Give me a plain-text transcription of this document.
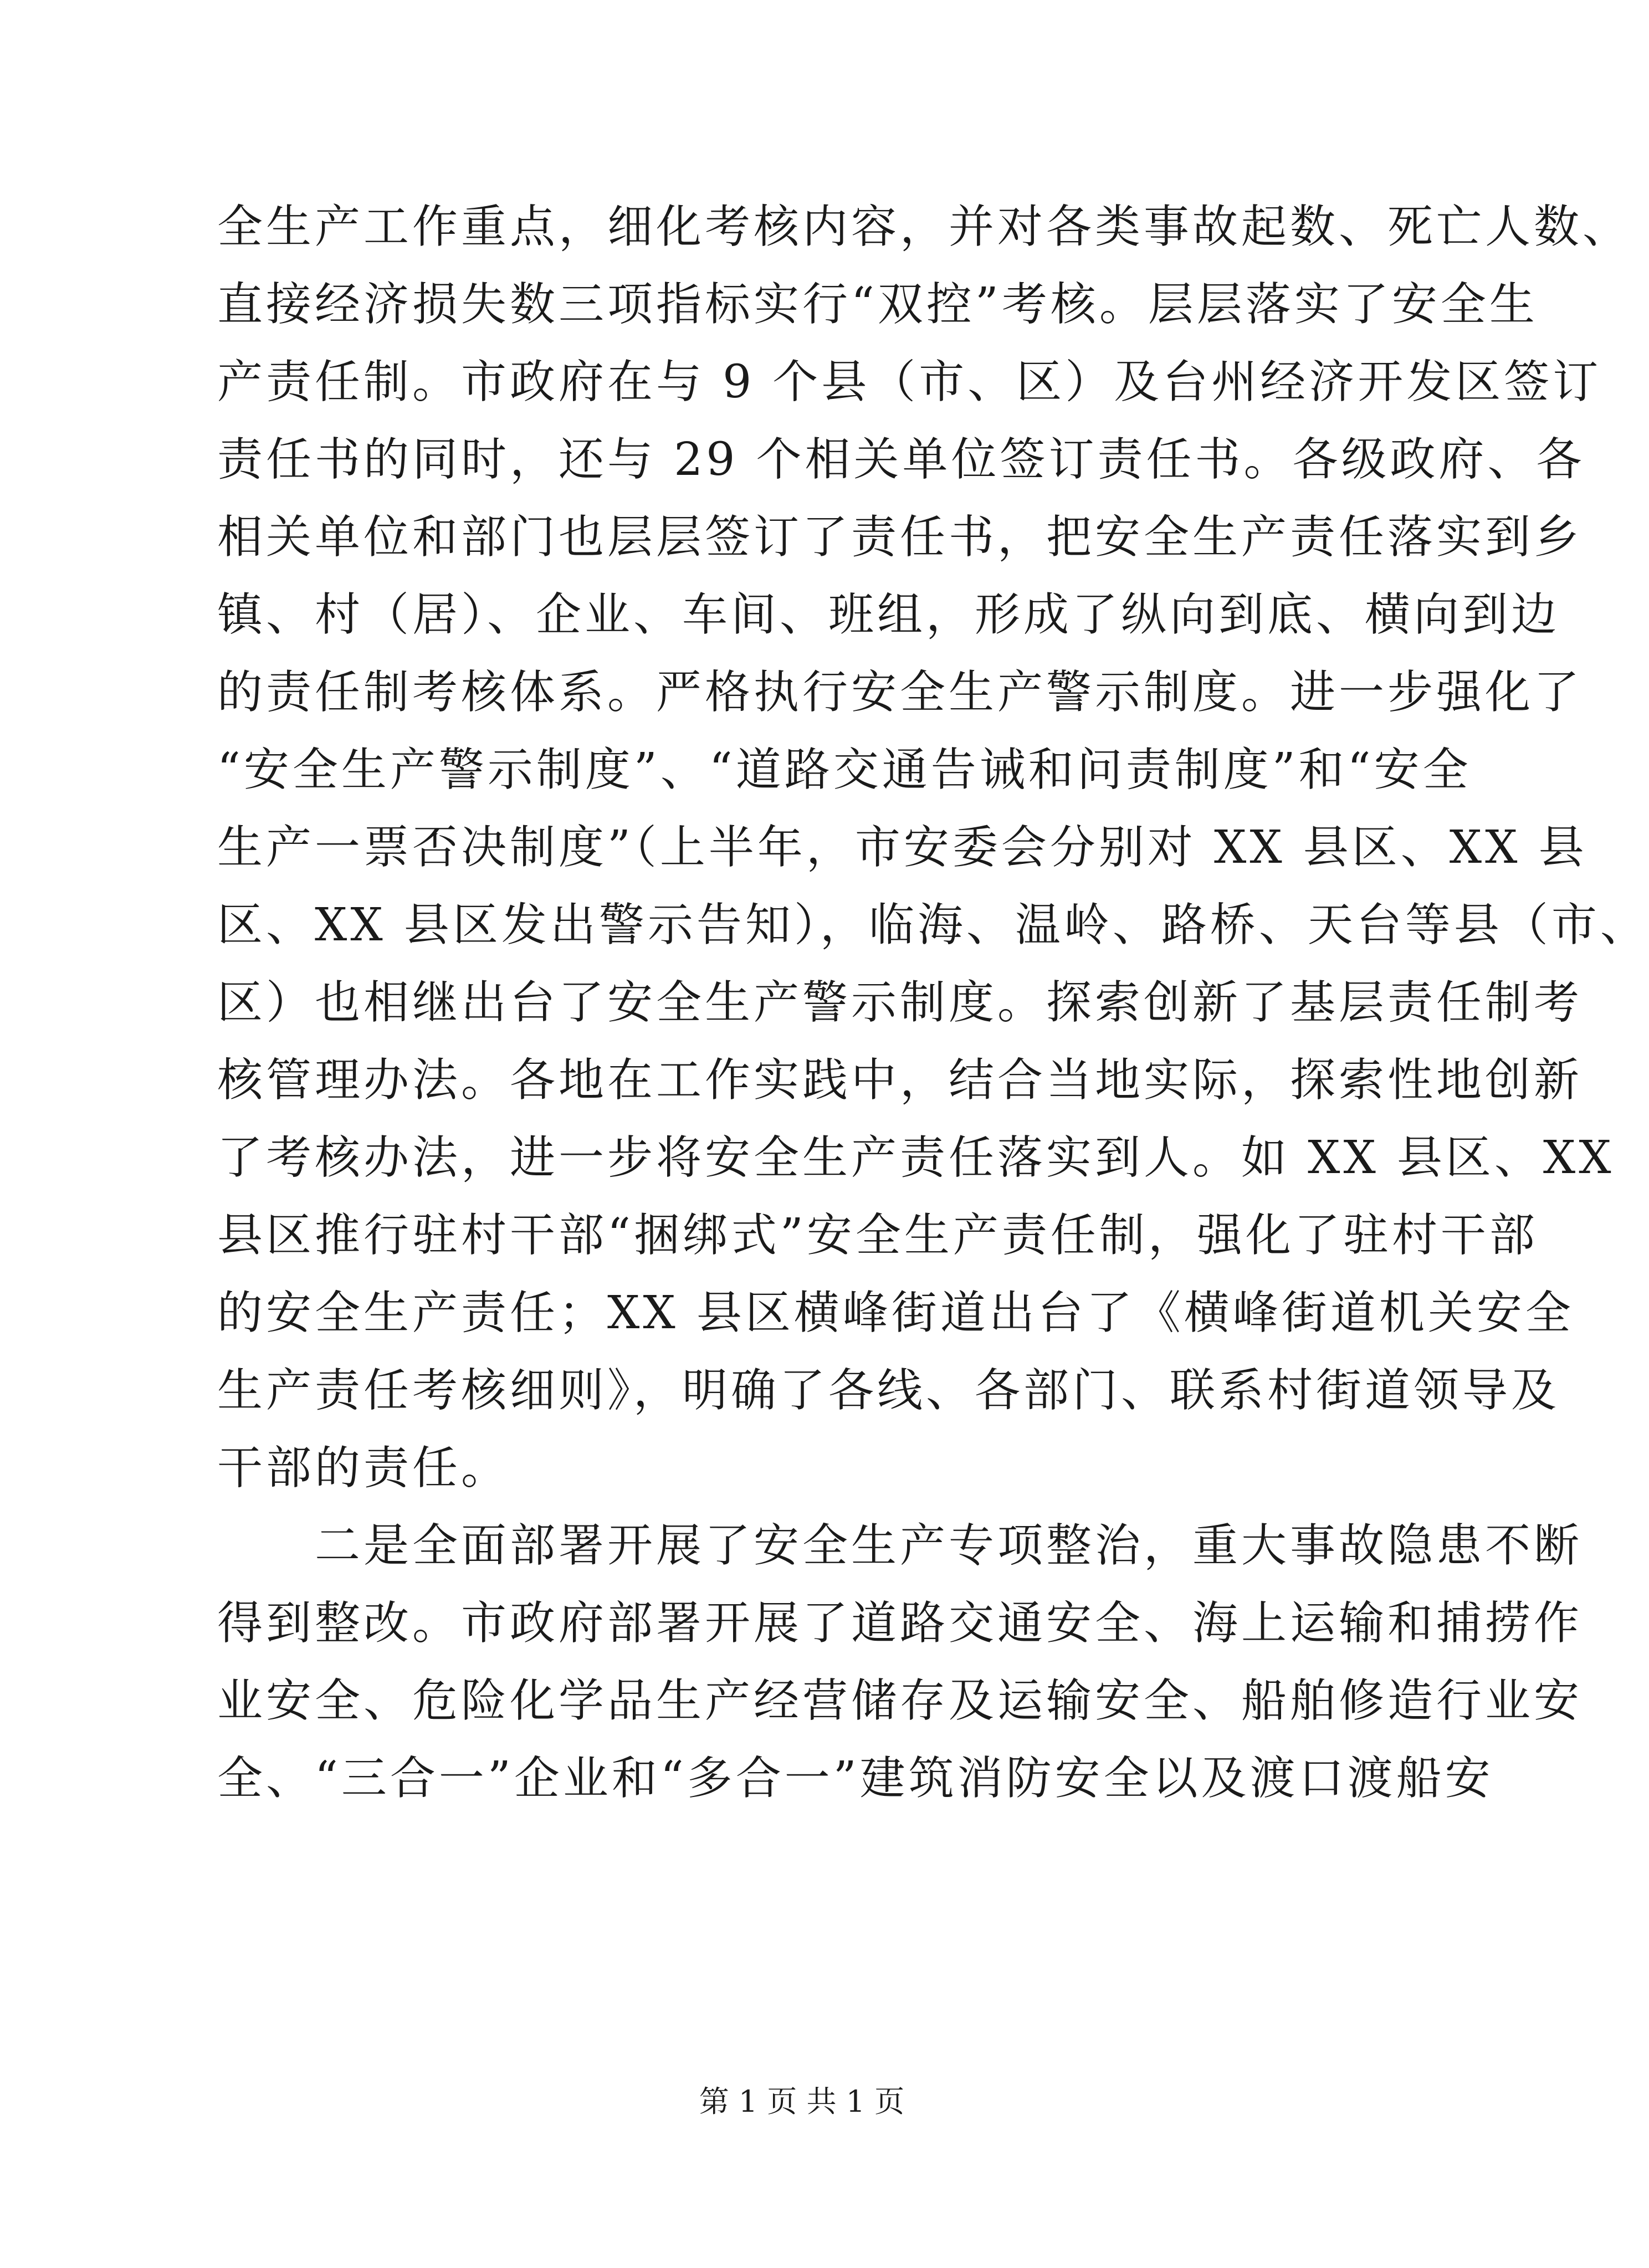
全生产工作重点，细化考核内容，并对各类事故起数、死亡人数、
直接经济损失数三项指标实行“双控”考核。层层落实了安全生
产责任制。市政府在与 9 个县（市、区）及台州经济开发区签订
责任书的同时，还与 29 个相关单位签订责任书。各级政府、各
相关单位和部门也层层签订了责任书，把安全生产责任落实到乡
镇、村（居）、企业、车间、班组，形成了纵向到底、横向到边
的责任制考核体系。严格执行安全生产警示制度。进一步强化了
“安全生产警示制度”、“道路交通告诫和问责制度”和“安全
生产一票否决制度”（上半年，市安委会分别对 XX 县区、XX 县
区、XX 县区发出警示告知），临海、温岭、路桥、天台等县（市、
区）也相继出台了安全生产警示制度。探索创新了基层责任制考
核管理办法。各地在工作实践中，结合当地实际，探索性地创新
了考核办法，进一步将安全生产责任落实到人。如 XX 县区、XX
县区推行驻村干部“捆绑式”安全生产责任制，强化了驻村干部
的安全生产责任；XX 县区横峰街道出台了《横峰街道机关安全
生产责任考核细则》，明确了各线、各部门、联系村街道领导及
干部的责任。
　　二是全面部署开展了安全生产专项整治，重大事故隐患不断
得到整改。市政府部署开展了道路交通安全、海上运输和捕捞作
业安全、危险化学品生产经营储存及运输安全、船舶修造行业安
全、“三合一”企业和“多合一”建筑消防安全以及渡口渡船安
第 1 页 共 1 页
